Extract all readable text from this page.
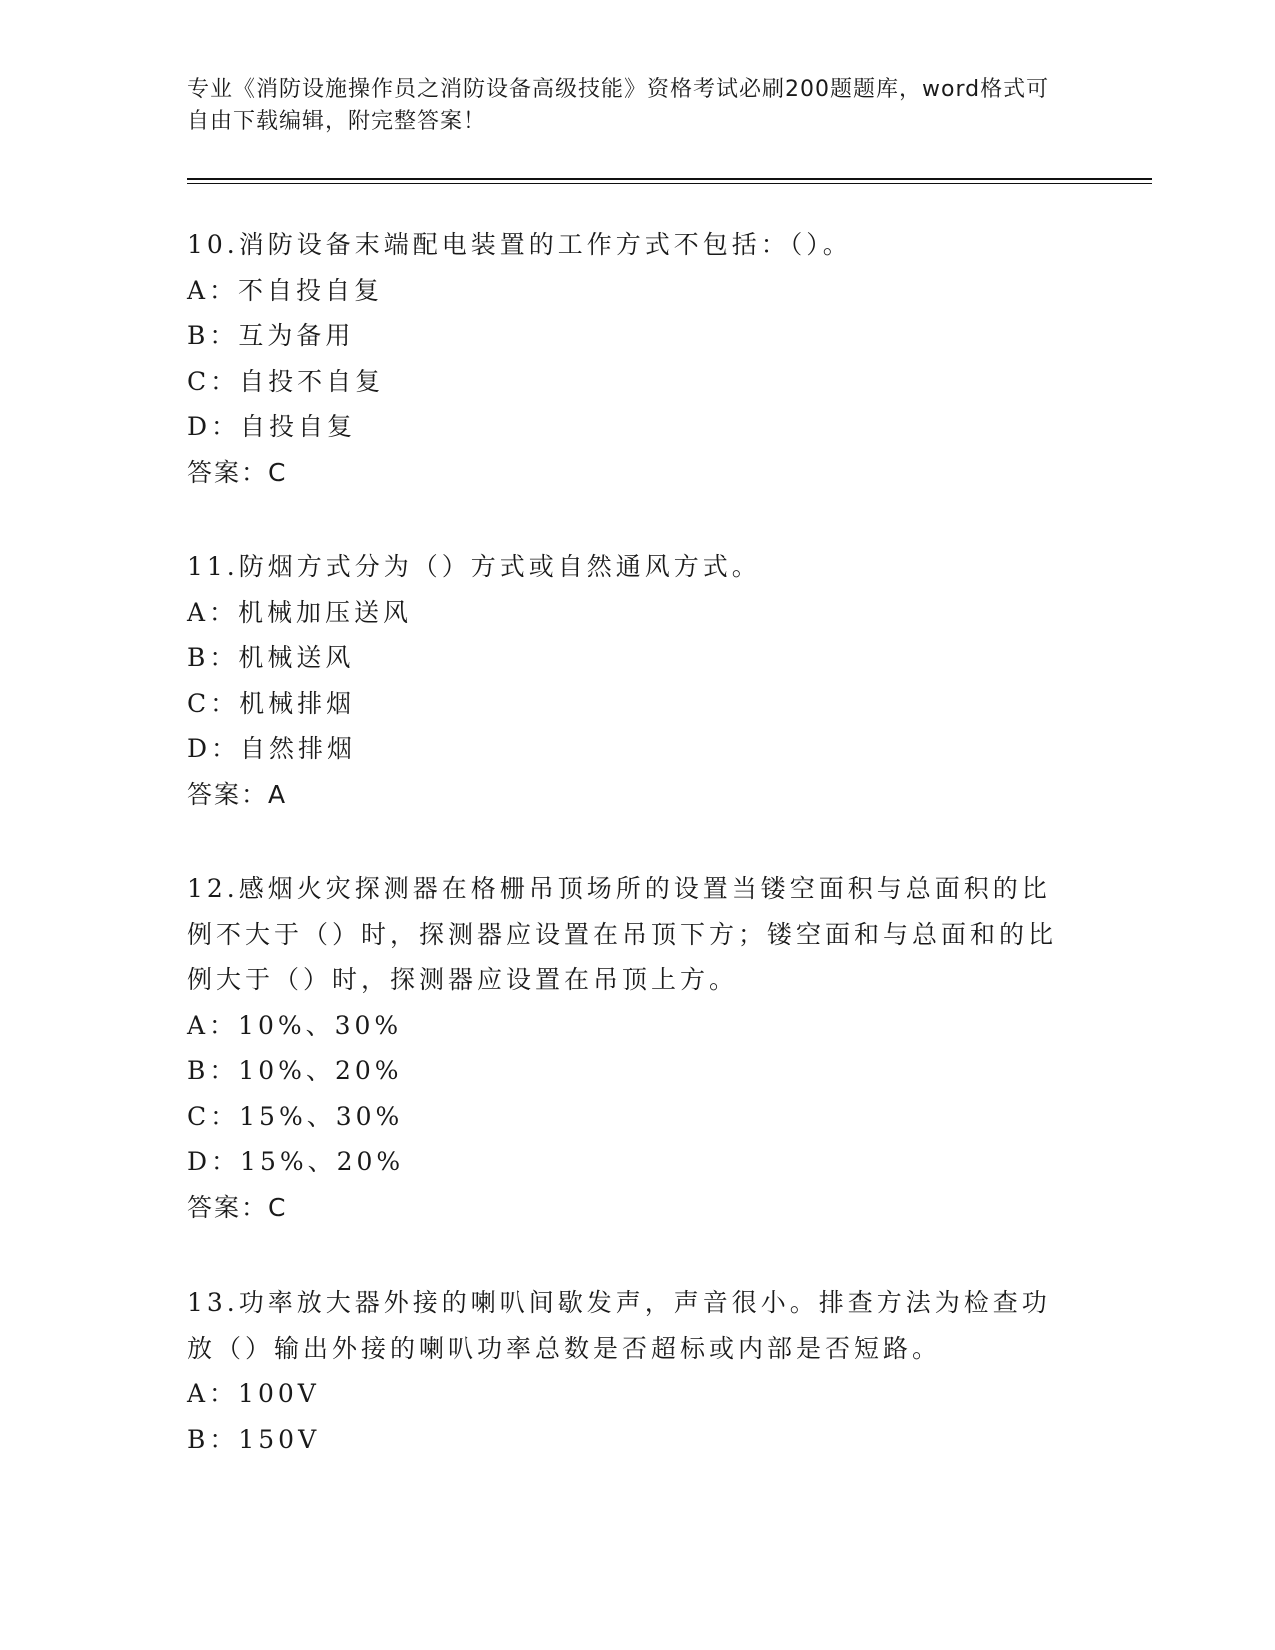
专业《消防设施操作员之消防设备高级技能》资格考试必刷200题题库，word格式可自由下载编辑，附完整答案！
10.消防设备末端配电装置的工作方式不包括：（）。
A：不自投自复
B：互为备用
C：自投不自复
D：自投自复
答案：C
11.防烟方式分为（）方式或自然通风方式。
A：机械加压送风
B：机械送风
C：机械排烟
D：自然排烟
答案：A
12.感烟火灾探测器在格栅吊顶场所的设置当镂空面积与总面积的比例不大于（）时，探测器应设置在吊顶下方；镂空面和与总面和的比例大于（）时，探测器应设置在吊顶上方。
A：10%、30%
B：10%、20%
C：15%、30%
D：15%、20%
答案：C
13.功率放大器外接的喇叭间歇发声，声音很小。排查方法为检查功放（）输出外接的喇叭功率总数是否超标或内部是否短路。
A：100V
B：150V
